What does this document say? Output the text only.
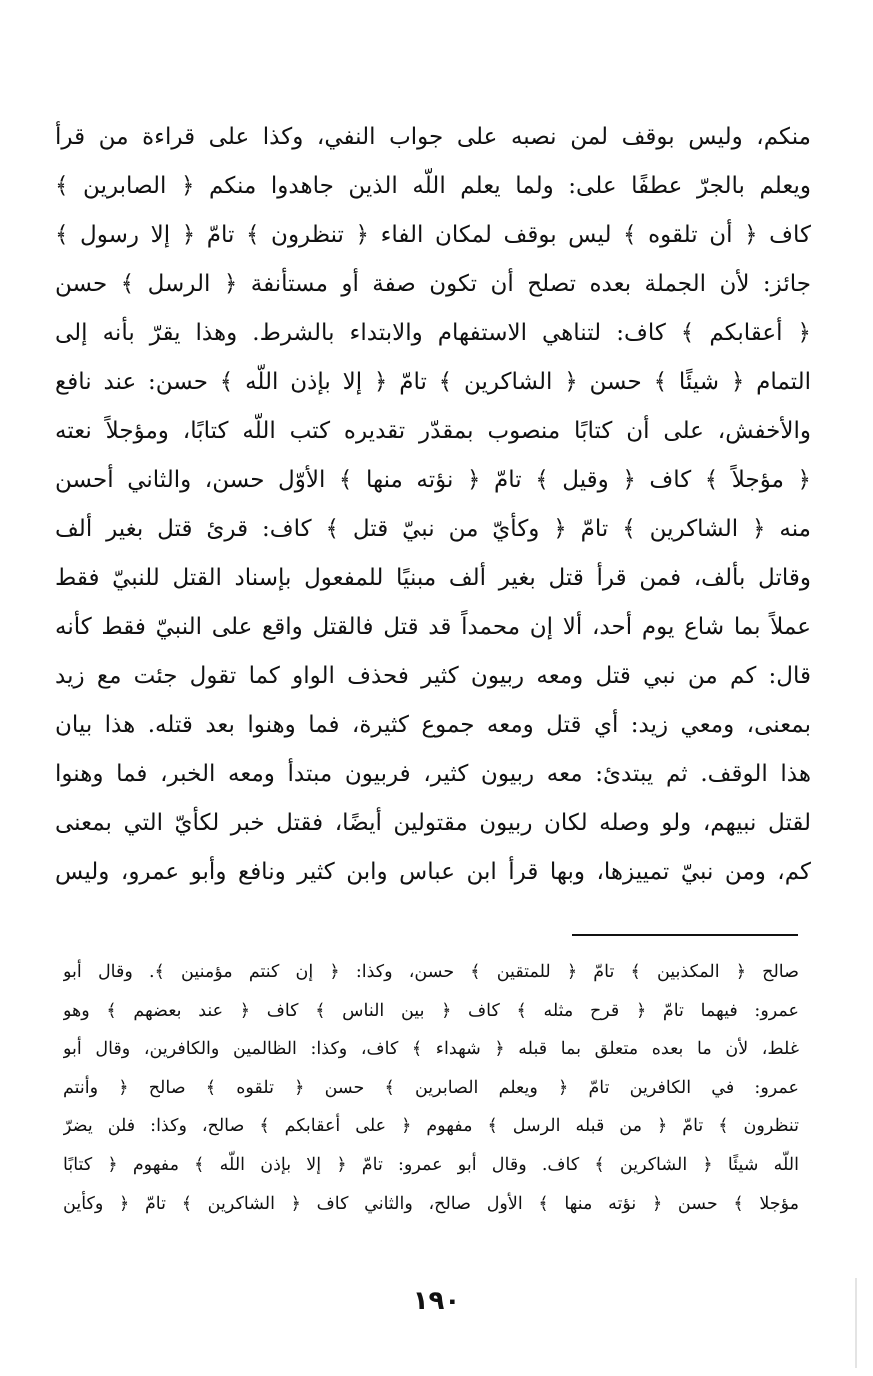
منكم، وليس بوقف لمن نصبه على جواب النفي، وكذا على قراءة من قرأ
ويعلم بالجرّ عطفًا على: ولما يعلم اللّه الذين جاهدوا منكم ﴿ الصابرين ﴾
كاف ﴿ أن تلقوه ﴾ ليس بوقف لمكان الفاء ﴿ تنظرون ﴾ تامّ ﴿ إلا رسول ﴾
جائز: لأن الجملة بعده تصلح أن تكون صفة أو مستأنفة ﴿ الرسل ﴾ حسن
﴿ أعقابكم ﴾ كاف: لتناهي الاستفهام والابتداء بالشرط. وهذا يقرّ بأنه إلى
التمام ﴿ شيئًا ﴾ حسن ﴿ الشاكرين ﴾ تامّ ﴿ إلا بإذن اللّه ﴾ حسن: عند نافع
والأخفش، على أن كتابًا منصوب بمقدّر تقديره كتب اللّه كتابًا، ومؤجلاً نعته
﴿ مؤجلاً ﴾ كاف ﴿ وقيل ﴾ تامّ ﴿ نؤته منها ﴾ الأوّل حسن، والثاني أحسن
منه ﴿ الشاكرين ﴾ تامّ ﴿ وكأيّ من نبيّ قتل ﴾ كاف: قرئ قتل بغير ألف
وقاتل بألف، فمن قرأ قتل بغير ألف مبنيًا للمفعول بإسناد القتل للنبيّ فقط
عملاً بما شاع يوم أحد، ألا إن محمداً قد قتل فالقتل واقع على النبيّ فقط كأنه
قال: كم من نبي قتل ومعه ربيون كثير فحذف الواو كما تقول جئت مع زيد
بمعنى، ومعي زيد: أي قتل ومعه جموع كثيرة، فما وهنوا بعد قتله. هذا بيان
هذا الوقف. ثم يبتدئ: معه ربيون كثير، فربيون مبتدأ ومعه الخبر، فما وهنوا
لقتل نبيهم، ولو وصله لكان ربيون مقتولين أيضًا، فقتل خبر لكأيّ التي بمعنى
كم، ومن نبيّ تمييزها، وبها قرأ ابن عباس وابن كثير ونافع وأبو عمرو، وليس
صالح ﴿ المكذبين ﴾ تامّ ﴿ للمتقين ﴾ حسن، وكذا: ﴿ إن كنتم مؤمنين ﴾. وقال أبو
عمرو: فيهما تامّ ﴿ قرح مثله ﴾ كاف ﴿ بين الناس ﴾ كاف ﴿ عند بعضهم ﴾ وهو
غلط، لأن ما بعده متعلق بما قبله ﴿ شهداء ﴾ كاف، وكذا: الظالمين والكافرين، وقال أبو
عمرو: في الكافرين تامّ ﴿ ويعلم الصابرين ﴾ حسن ﴿ تلقوه ﴾ صالح ﴿ وأنتم
تنظرون ﴾ تامّ ﴿ من قبله الرسل ﴾ مفهوم ﴿ على أعقابكم ﴾ صالح، وكذا: فلن يضرّ
اللّه شيئًا ﴿ الشاكرين ﴾ كاف. وقال أبو عمرو: تامّ ﴿ إلا بإذن اللّه ﴾ مفهوم ﴿ كتابًا
مؤجلا ﴾ حسن ﴿ نؤته منها ﴾ الأول صالح، والثاني كاف ﴿ الشاكرين ﴾ تامّ ﴿ وكأين
١٩٠
